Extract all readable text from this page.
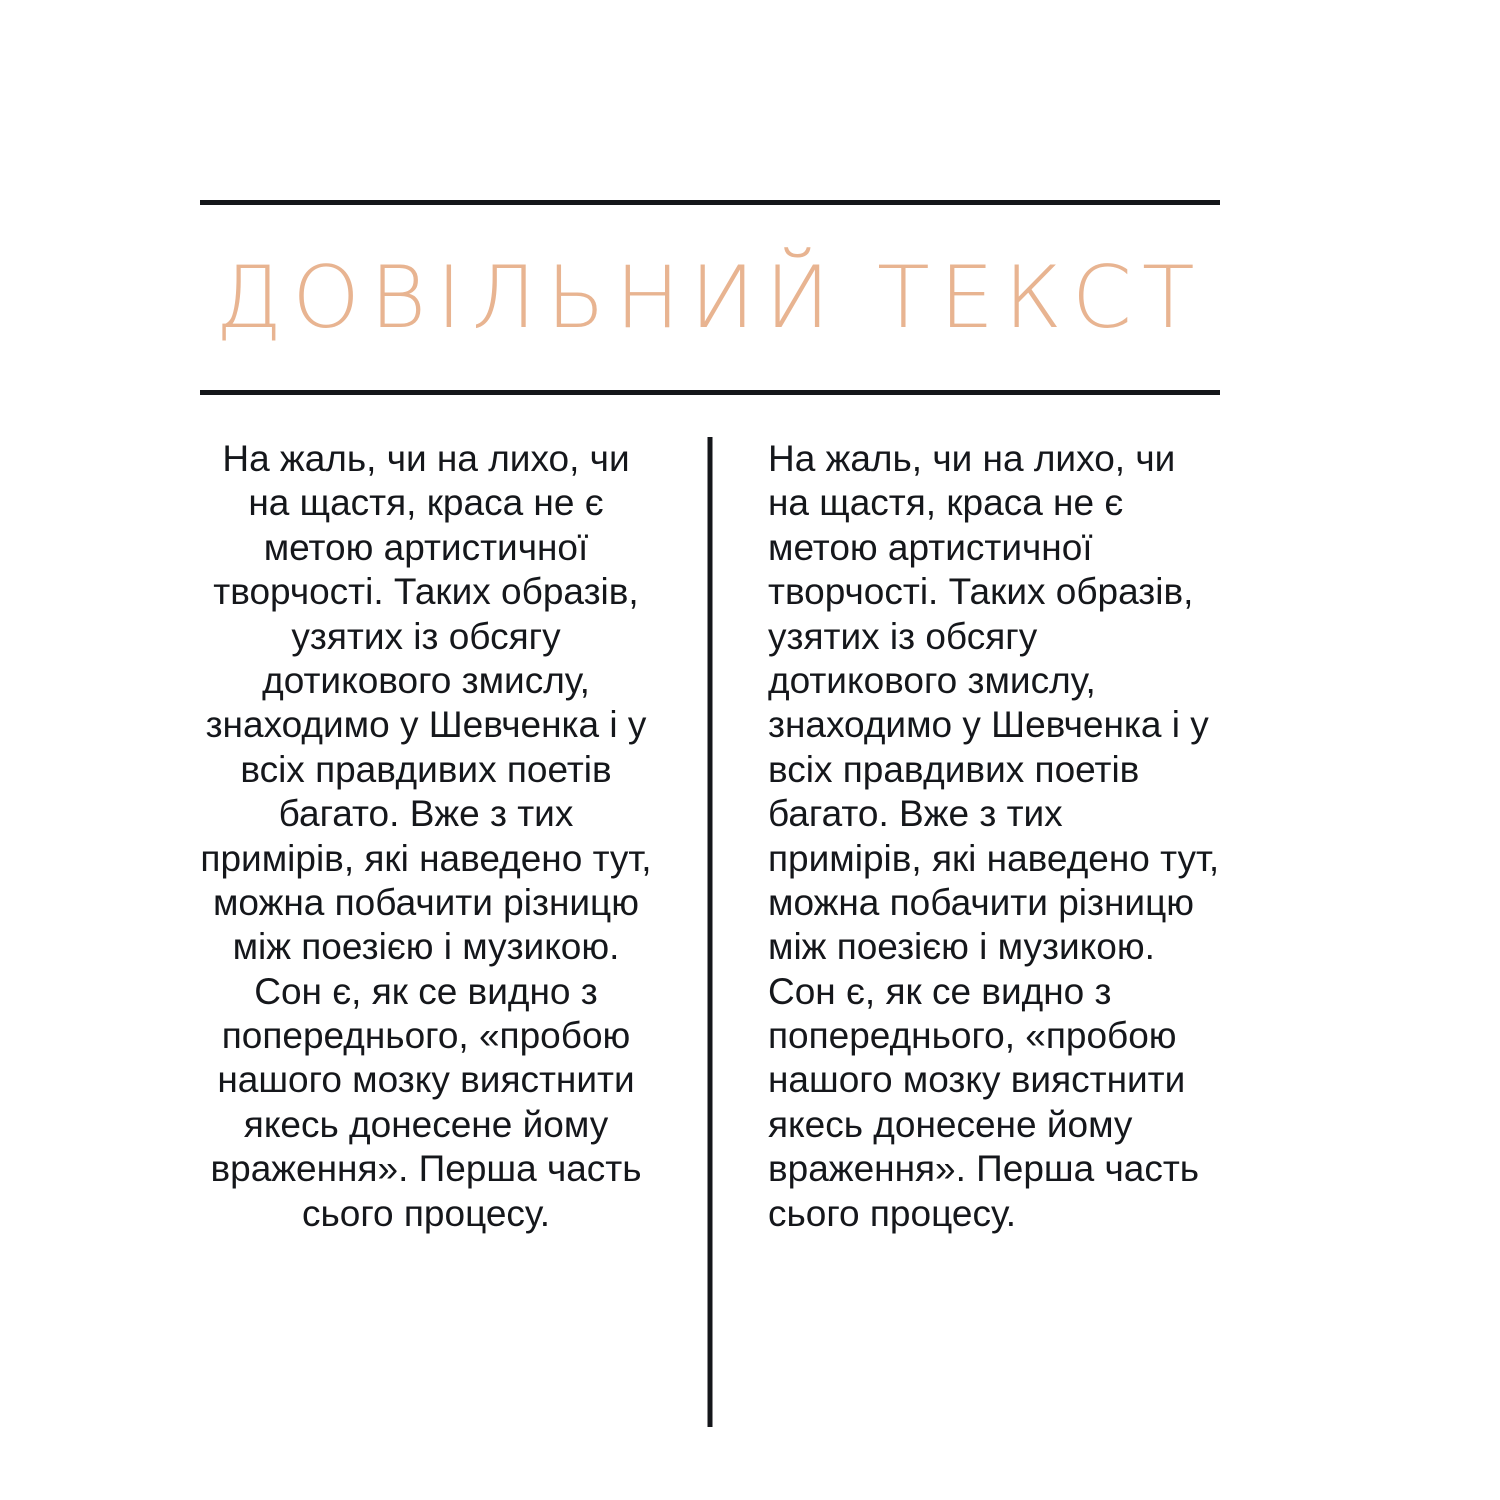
ДОВІЛЬНИЙ ТЕКСТ

На жаль, чи на лихо, чи на щастя, краса не є метою артистичної творчості. Таких образів, узятих із обсягу дотикового змислу, знаходимо у Шевченка і у всіх правдивих поетів багато. Вже з тих примірів, які наведено тут, можна побачити різницю між поезією і музикою. Сон є, як се видно з попереднього, «пробою нашого мозку виястнити якесь донесене йому враження». Перша часть сього процесу.

На жаль, чи на лихо, чи на щастя, краса не є метою артистичної творчості. Таких образів, узятих із обсягу дотикового змислу, знаходимо у Шевченка і у всіх правдивих поетів багато. Вже з тих примірів, які наведено тут, можна побачити різницю між поезією і музикою. Сон є, як се видно з попереднього, «пробою нашого мозку виястнити якесь донесене йому враження». Перша часть сього процесу.
